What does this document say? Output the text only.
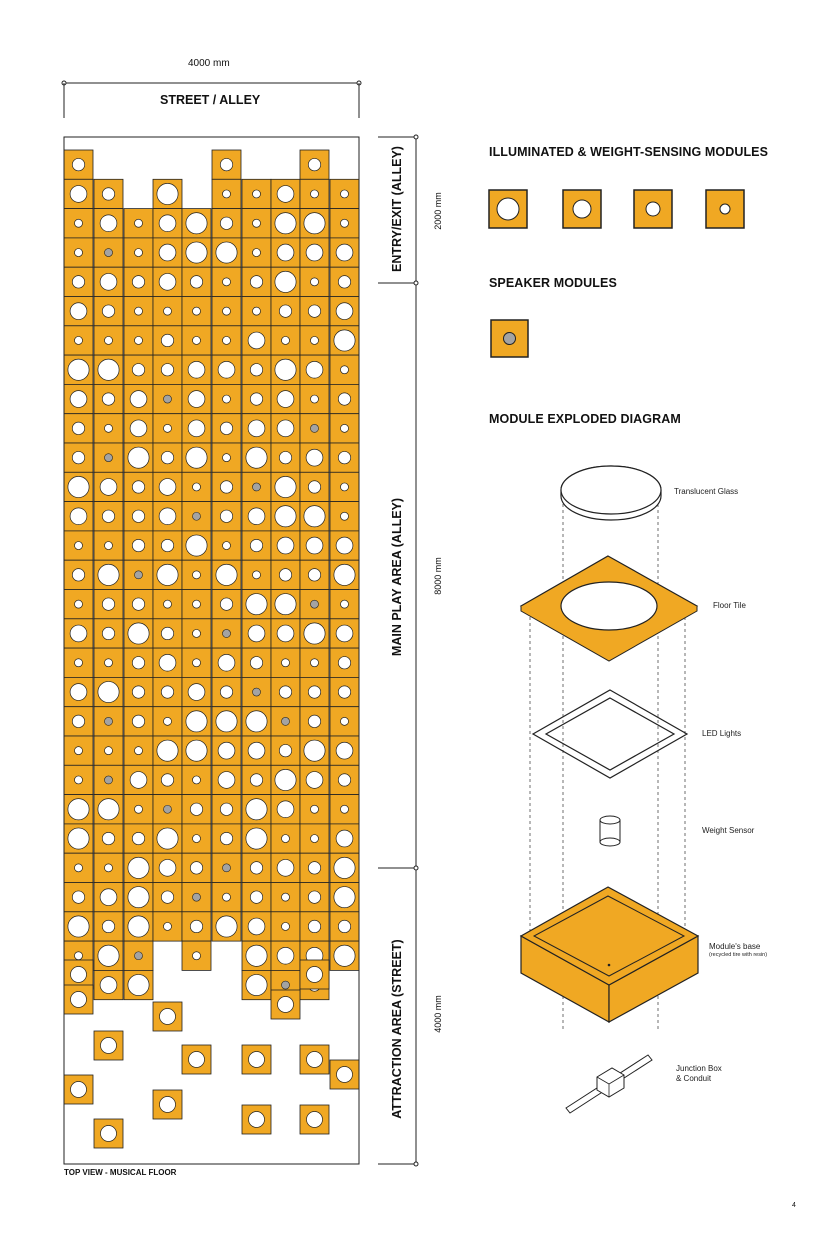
4000 mm
STREET / ALLEY
ENTRY/EXIT (ALLEY)
MAIN PLAY AREA (ALLEY)
ATTRACTION AREA (STREET)
2000 mm
8000 mm
4000 mm
TOP VIEW - MUSICAL FLOOR
ILLUMINATED & WEIGHT-SENSING MODULES
SPEAKER MODULES
MODULE EXPLODED DIAGRAM
Translucent Glass
Floor Tile
LED Lights
Weight Sensor
Module's base
(recycled tire with resin)
Junction Box
& Conduit
4
